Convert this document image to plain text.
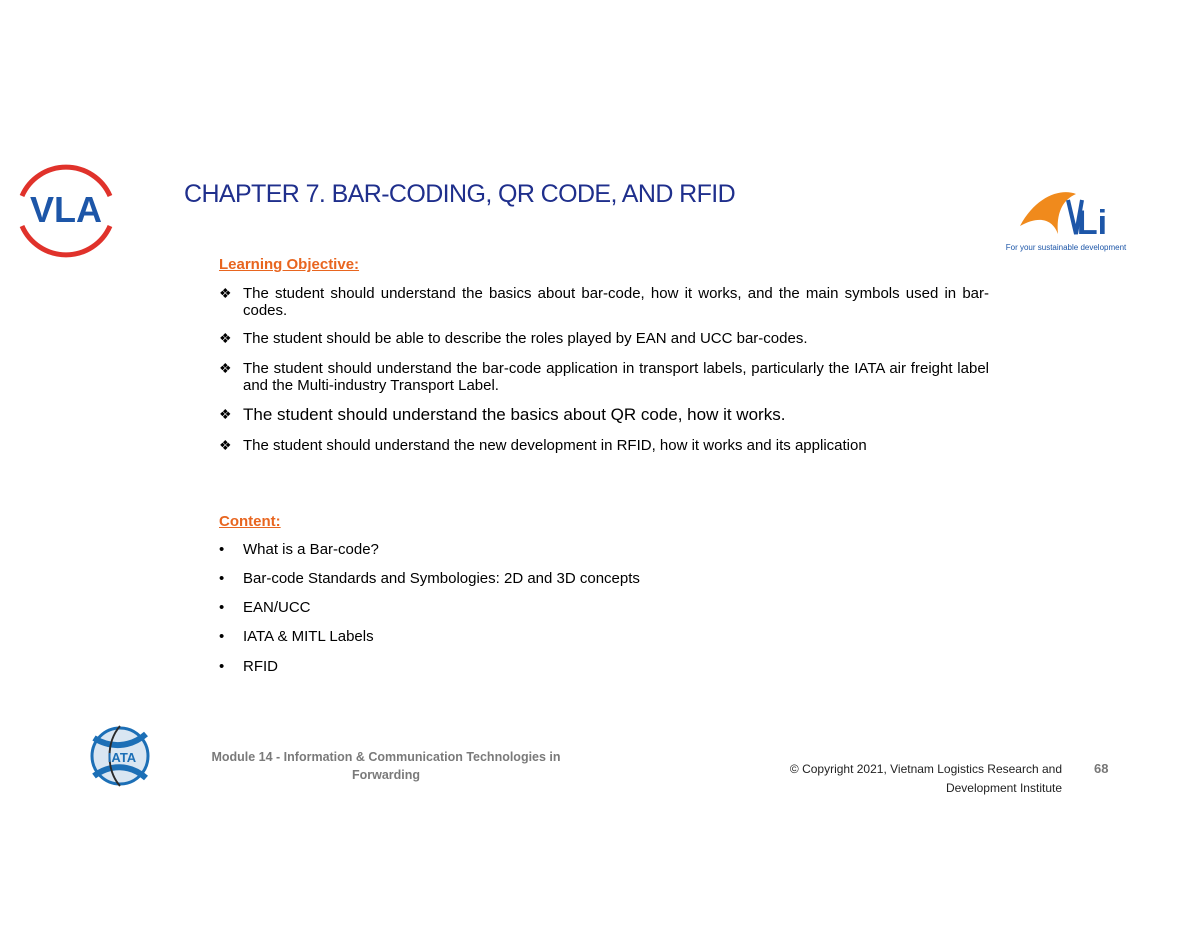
VLA	CHAPTER 7. BAR-CODING, QR CODE, AND RFID
Li
For your sustainable development
Learning Objective:
❖ The student should understand the basics about bar-code, how it works, and the main symbols used in bar-codes.
❖ The student should be able to describe the roles played by EAN and UCC bar-codes.
❖ The student should understand the bar-code application in transport labels, particularly the IATA air freight label and the Multi-industry Transport Label.
❖ The student should understand the basics about QR code, how it works.
❖ The student should understand the new development in RFID, how it works and its application
Content:
• What is a Bar-code?
• Bar-code Standards and Symbologies: 2D and 3D concepts
• EAN/UCC
• IATA & MITL Labels
• RFID
IATA	Module 14 - Information & Communication Technologies in Forwarding	© Copyright 2021, Vietnam Logistics Research and Development Institute
68
